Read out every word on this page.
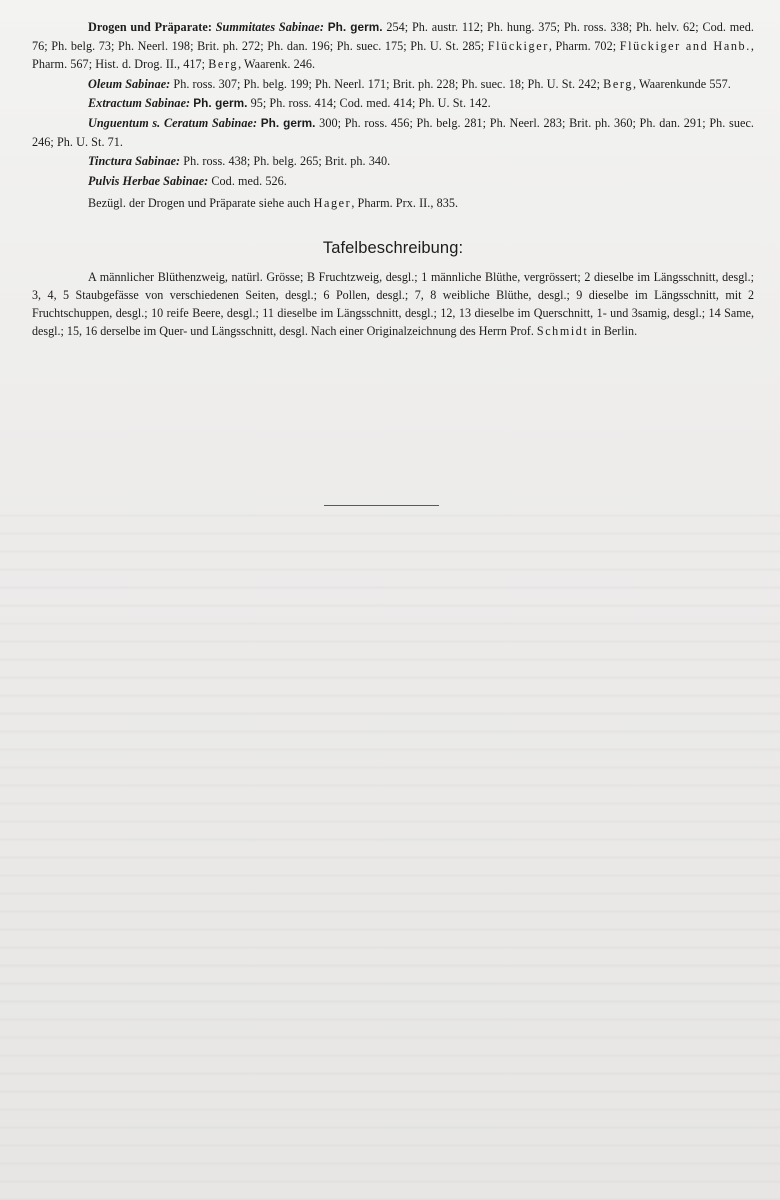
Drogen und Präparate: Summitates Sabinae: Ph. germ. 254; Ph. austr. 112; Ph. hung. 375; Ph. ross. 338; Ph. helv. 62; Cod. med. 76; Ph. belg. 73; Ph. Neerl. 198; Brit. ph. 272; Ph. dan. 196; Ph. suec. 175; Ph. U. St. 285; Flückiger, Pharm. 702; Flückiger and Hanb., Pharm. 567; Hist. d. Drog. II., 417; Berg, Waarenk. 246.

Oleum Sabinae: Ph. ross. 307; Ph. belg. 199; Ph. Neerl. 171; Brit. ph. 228; Ph. suec. 18; Ph. U. St. 242; Berg, Waarenkunde 557.

Extractum Sabinae: Ph. germ. 95; Ph. ross. 414; Cod. med. 414; Ph. U. St. 142.

Unguentum s. Ceratum Sabinae: Ph. germ. 300; Ph. ross. 456; Ph. belg. 281; Ph. Neerl. 283; Brit. ph. 360; Ph. dan. 291; Ph. suec. 246; Ph. U. St. 71.

Tinctura Sabinae: Ph. ross. 438; Ph. belg. 265; Brit. ph. 340.

Pulvis Herbae Sabinae: Cod. med. 526.

Bezügl. der Drogen und Präparate siehe auch Hager, Pharm. Prx. II., 835.

Tafelbeschreibung:

A männlicher Blüthenzweig, natürl. Grösse; B Fruchtzweig, desgl.; 1 männliche Blüthe, vergrössert; 2 dieselbe im Längsschnitt, desgl.; 3, 4, 5 Staubgefässe von verschiedenen Seiten, desgl.; 6 Pollen, desgl.; 7, 8 weibliche Blüthe, desgl.; 9 dieselbe im Längsschnitt, mit 2 Fruchtschuppen, desgl.; 10 reife Beere, desgl.; 11 dieselbe im Längsschnitt, desgl.; 12, 13 dieselbe im Querschnitt, 1- und 3samig, desgl.; 14 Same, desgl.; 15, 16 derselbe im Quer- und Längsschnitt, desgl. Nach einer Originalzeichnung des Herrn Prof. Schmidt in Berlin.
